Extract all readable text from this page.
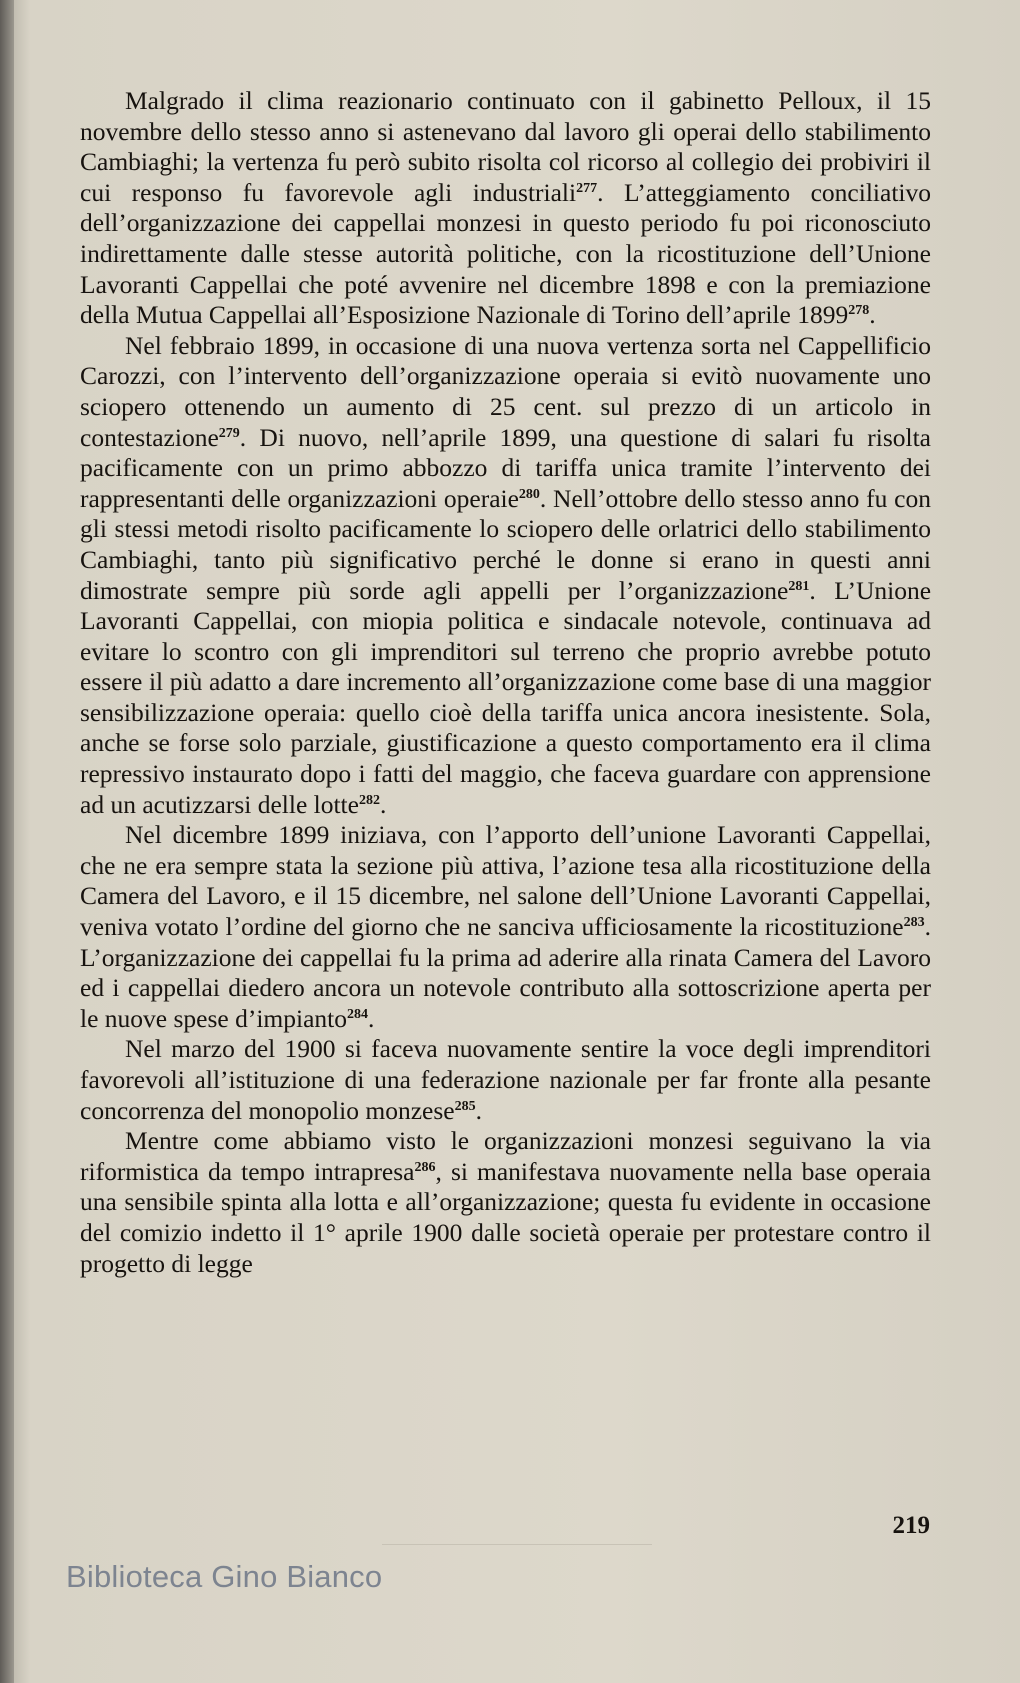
Malgrado il clima reazionario continuato con il gabinetto Pelloux, il 15 novembre dello stesso anno si astenevano dal lavoro gli operai dello stabilimento Cambiaghi; la vertenza fu però subito risolta col ricorso al collegio dei probiviri il cui responso fu favorevole agli industriali$^{277}$. L’atteggiamento conciliativo dell’organizzazione dei cappellai monzesi in questo periodo fu poi riconosciuto indirettamente dalle stesse autorità politiche, con la ricostituzione dell’Unione Lavoranti Cappellai che poté avvenire nel dicembre 1898 e con la premiazione della Mutua Cappellai all’Esposizione Nazionale di Torino dell’aprile 1899$^{278}$.

Nel febbraio 1899, in occasione di una nuova vertenza sorta nel Cappellificio Carozzi, con l’intervento dell’organizzazione operaia si evitò nuovamente uno sciopero ottenendo un aumento di 25 cent. sul prezzo di un articolo in contestazione$^{279}$. Di nuovo, nell’aprile 1899, una questione di salari fu risolta pacificamente con un primo abbozzo di tariffa unica tramite l’intervento dei rappresentanti delle organizzazioni operaie$^{280}$. Nell’ottobre dello stesso anno fu con gli stessi metodi risolto pacificamente lo sciopero delle orlatrici dello stabilimento Cambiaghi, tanto più significativo perché le donne si erano in questi anni dimostrate sempre più sorde agli appelli per l’organizzazione$^{281}$. L’Unione Lavoranti Cappellai, con miopia politica e sindacale notevole, continuava ad evitare lo scontro con gli imprenditori sul terreno che proprio avrebbe potuto essere il più adatto a dare incremento all’organizzazione come base di una maggior sensibilizzazione operaia: quello cioè della tariffa unica ancora inesistente. Sola, anche se forse solo parziale, giustificazione a questo comportamento era il clima repressivo instaurato dopo i fatti del maggio, che faceva guardare con apprensione ad un acutizzarsi delle lotte$^{282}$.

Nel dicembre 1899 iniziava, con l’apporto dell’unione Lavoranti Cappellai, che ne era sempre stata la sezione più attiva, l’azione tesa alla ricostituzione della Camera del Lavoro, e il 15 dicembre, nel salone dell’Unione Lavoranti Cappellai, veniva votato l’ordine del giorno che ne sanciva ufficiosamente la ricostituzione$^{283}$. L’organizzazione dei cappellai fu la prima ad aderire alla rinata Camera del Lavoro ed i cappellai diedero ancora un notevole contributo alla sottoscrizione aperta per le nuove spese d’impianto$^{284}$.

Nel marzo del 1900 si faceva nuovamente sentire la voce degli imprenditori favorevoli all’istituzione di una federazione nazionale per far fronte alla pesante concorrenza del monopolio monzese$^{285}$.

Mentre come abbiamo visto le organizzazioni monzesi seguivano la via riformistica da tempo intrapresa$^{286}$, si manifestava nuovamente nella base operaia una sensibile spinta alla lotta e all’organizzazione; questa fu evidente in occasione del comizio indetto il 1° aprile 1900 dalle società operaie per protestare contro il progetto di legge

219
Biblioteca Gino Bianco
